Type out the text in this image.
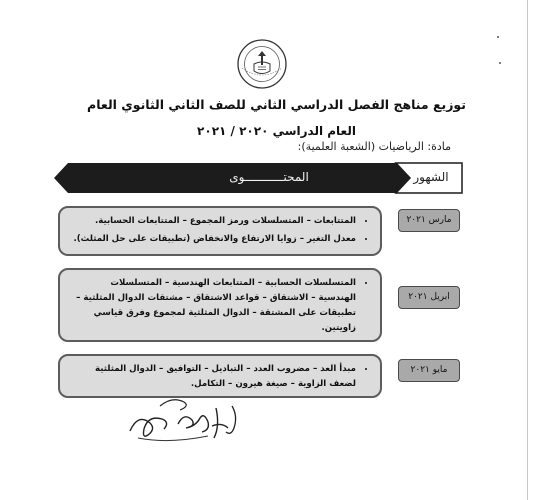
توزيع مناهج الفصل الدراسي الثاني للصف الثاني الثانوي العام
العام الدراسي ٢٠٢٠ / ٢٠٢١
مادة: الرياضيات (الشعبة العلمية):
المحتـــــــــــوى	الشهور
• المتتابعات – المتسلسلات ورمز المجموع – المتتابعات الحسابية.
• معدل التغير – زوايا الارتفاع والانخفاض (تطبيقات على حل المثلث).
مارس ٢٠٢١
• المتسلسلات الحسابية – المتتابعات الهندسية – المتسلسلات الهندسية – الاشتقاق – قواعد الاشتقاق – مشتقات الدوال المثلثية – تطبيقات على المشتقة – الدوال المثلثية لمجموع وفرق قياسي زاويتين.
ابريل ٢٠٢١
• مبدأ العد – مضروب العدد – التباديل – التوافيق – الدوال المثلثية لضعف الزاوية – صيغة هيرون – التكامل.
مايو ٢٠٢١
